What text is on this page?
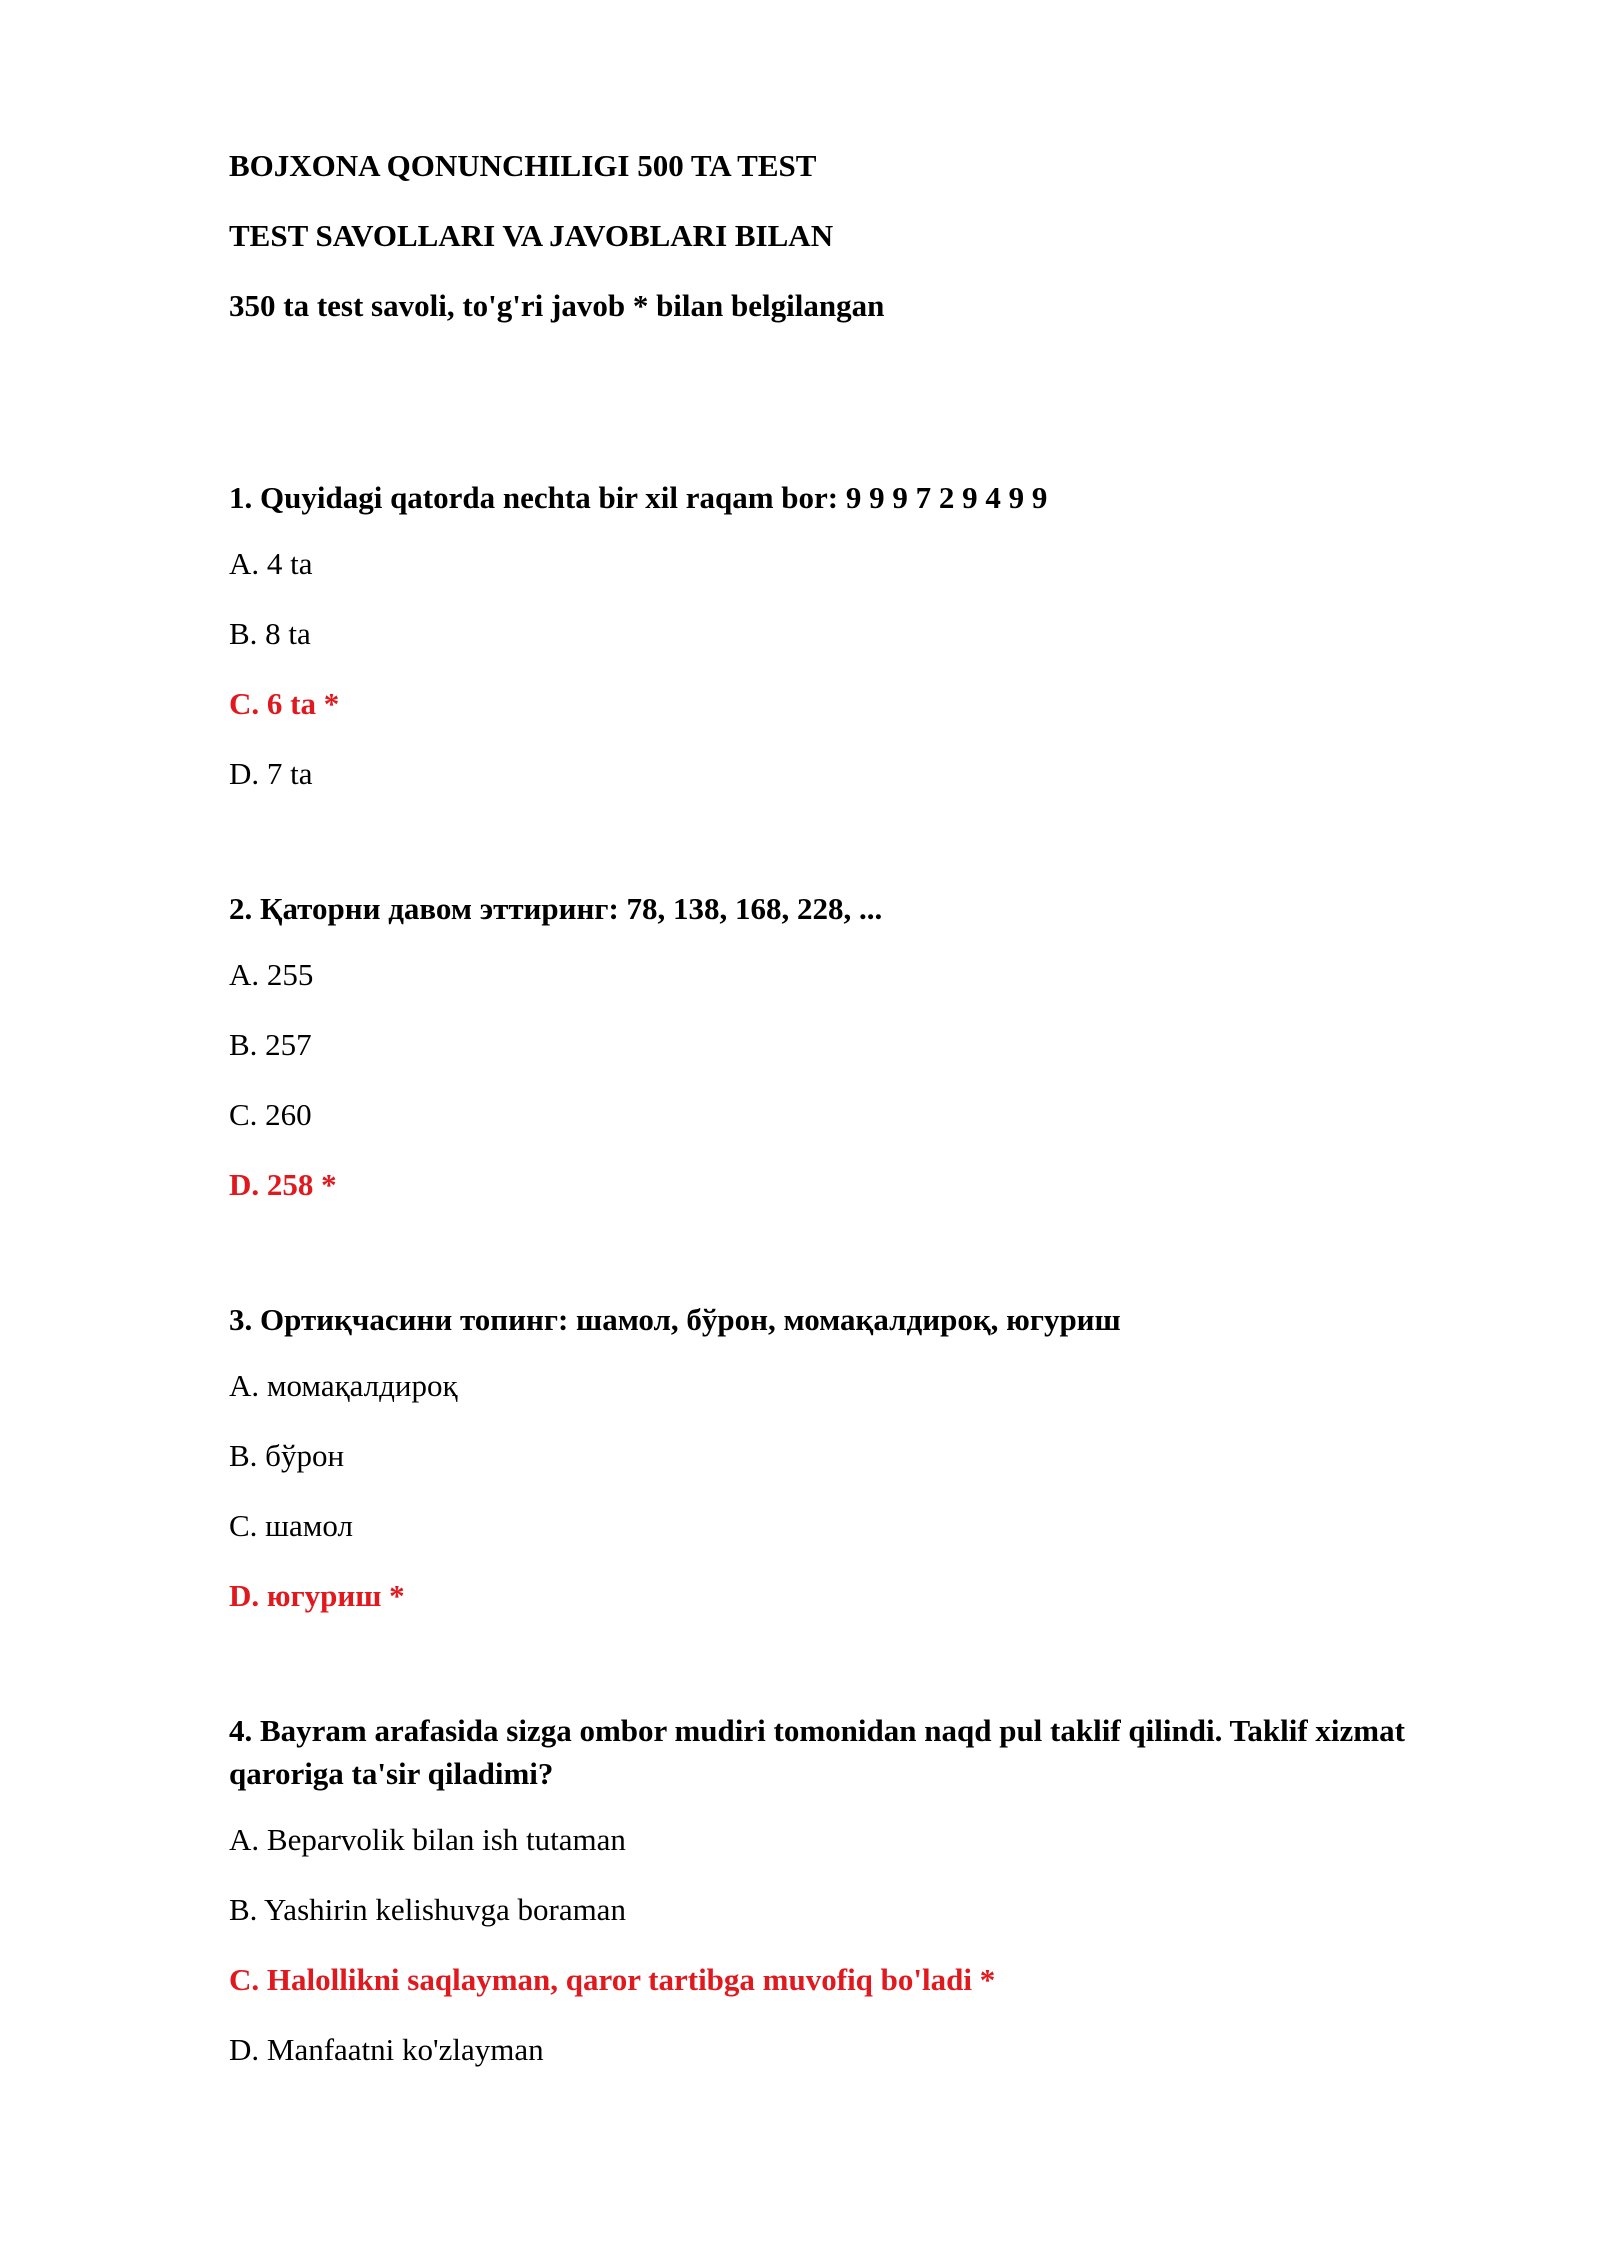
BOJXONA QONUNCHILIGI 500 TA TEST
TEST SAVOLLARI VA JAVOBLARI BILAN
350 ta test savoli, to'g'ri javob * bilan belgilangan
1. Quyidagi qatorda nechta bir xil raqam bor: 9 9 9 7 2 9 4 9 9
A. 4 ta
B. 8 ta
C. 6 ta *
D. 7 ta
2. Қаторни давом эттиринг: 78, 138, 168, 228, ...
A. 255
B. 257
C. 260
D. 258 *
3. Ортиқчасини топинг: шамол, бўрон, момақалдироқ, югуриш
A. момақалдироқ
B. бўрон
C. шамол
D. югуриш *
4. Bayram arafasida sizga ombor mudiri tomonidan naqd pul taklif qilindi. Taklif xizmat qaroriga ta'sir qiladimi?
A. Beparvolik bilan ish tutaman
B. Yashirin kelishuvga boraman
C. Halollikni saqlayman, qaror tartibga muvofiq bo'ladi *
D. Manfaatni ko'zlayman
